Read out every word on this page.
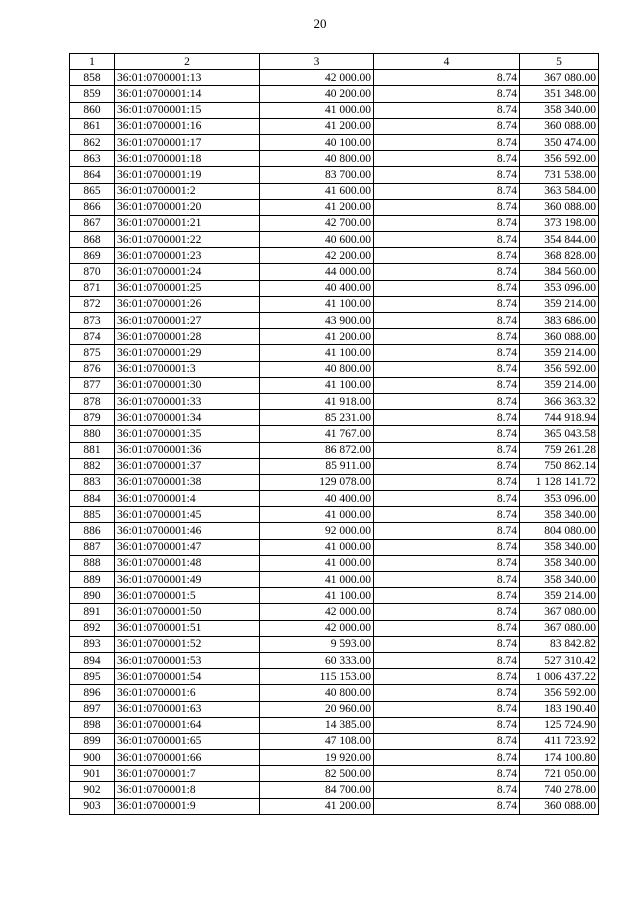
20
1	2	3	4	5
858	36:01:0700001:13	42 000.00	8.74	367 080.00
859	36:01:0700001:14	40 200.00	8.74	351 348.00
860	36:01:0700001:15	41 000.00	8.74	358 340.00
861	36:01:0700001:16	41 200.00	8.74	360 088.00
862	36:01:0700001:17	40 100.00	8.74	350 474.00
863	36:01:0700001:18	40 800.00	8.74	356 592.00
864	36:01:0700001:19	83 700.00	8.74	731 538.00
865	36:01:0700001:2	41 600.00	8.74	363 584.00
866	36:01:0700001:20	41 200.00	8.74	360 088.00
867	36:01:0700001:21	42 700.00	8.74	373 198.00
868	36:01:0700001:22	40 600.00	8.74	354 844.00
869	36:01:0700001:23	42 200.00	8.74	368 828.00
870	36:01:0700001:24	44 000.00	8.74	384 560.00
871	36:01:0700001:25	40 400.00	8.74	353 096.00
872	36:01:0700001:26	41 100.00	8.74	359 214.00
873	36:01:0700001:27	43 900.00	8.74	383 686.00
874	36:01:0700001:28	41 200.00	8.74	360 088.00
875	36:01:0700001:29	41 100.00	8.74	359 214.00
876	36:01:0700001:3	40 800.00	8.74	356 592.00
877	36:01:0700001:30	41 100.00	8.74	359 214.00
878	36:01:0700001:33	41 918.00	8.74	366 363.32
879	36:01:0700001:34	85 231.00	8.74	744 918.94
880	36:01:0700001:35	41 767.00	8.74	365 043.58
881	36:01:0700001:36	86 872.00	8.74	759 261.28
882	36:01:0700001:37	85 911.00	8.74	750 862.14
883	36:01:0700001:38	129 078.00	8.74	1 128 141.72
884	36:01:0700001:4	40 400.00	8.74	353 096.00
885	36:01:0700001:45	41 000.00	8.74	358 340.00
886	36:01:0700001:46	92 000.00	8.74	804 080.00
887	36:01:0700001:47	41 000.00	8.74	358 340.00
888	36:01:0700001:48	41 000.00	8.74	358 340.00
889	36:01:0700001:49	41 000.00	8.74	358 340.00
890	36:01:0700001:5	41 100.00	8.74	359 214.00
891	36:01:0700001:50	42 000.00	8.74	367 080.00
892	36:01:0700001:51	42 000.00	8.74	367 080.00
893	36:01:0700001:52	9 593.00	8.74	83 842.82
894	36:01:0700001:53	60 333.00	8.74	527 310.42
895	36:01:0700001:54	115 153.00	8.74	1 006 437.22
896	36:01:0700001:6	40 800.00	8.74	356 592.00
897	36:01:0700001:63	20 960.00	8.74	183 190.40
898	36:01:0700001:64	14 385.00	8.74	125 724.90
899	36:01:0700001:65	47 108.00	8.74	411 723.92
900	36:01:0700001:66	19 920.00	8.74	174 100.80
901	36:01:0700001:7	82 500.00	8.74	721 050.00
902	36:01:0700001:8	84 700.00	8.74	740 278.00
903	36:01:0700001:9	41 200.00	8.74	360 088.00
